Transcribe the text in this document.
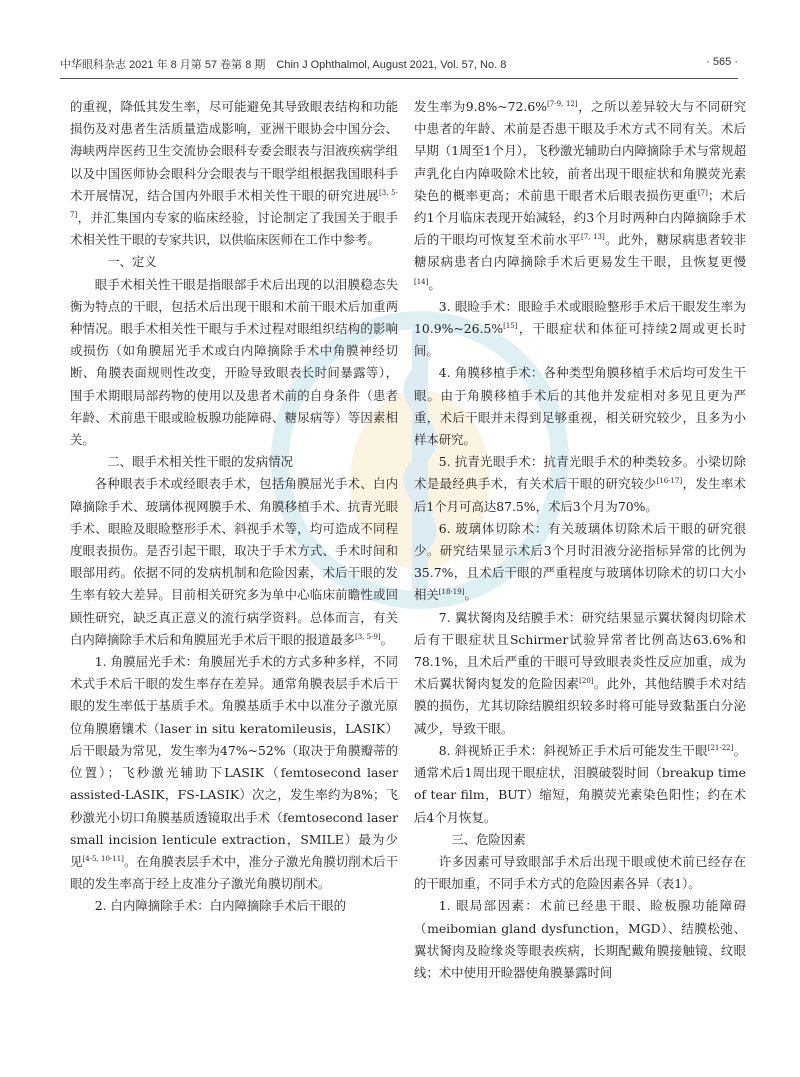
中华眼科杂志 2021 年 8 月第 57 卷第 8 期　Chin J Ophthalmol, August 2021, Vol. 57, No. 8	· 565 ·

的重视，降低其发生率，尽可能避免其导致眼表结构和功能损伤及对患者生活质量造成影响，亚洲干眼协会中国分会、海峡两岸医药卫生交流协会眼科专委会眼表与泪液疾病学组以及中国医师协会眼科分会眼表与干眼学组根据我国眼科手术开展情况，结合国内外眼手术相关性干眼的研究进展[3, 5-7]，并汇集国内专家的临床经验，讨论制定了我国关于眼手术相关性干眼的专家共识，以供临床医师在工作中参考。

一、定义

眼手术相关性干眼是指眼部手术后出现的以泪膜稳态失衡为特点的干眼，包括术后出现干眼和术前干眼术后加重两种情况。眼手术相关性干眼与手术过程对眼组织结构的影响或损伤（如角膜屈光手术或白内障摘除手术中角膜神经切断、角膜表面规则性改变，开睑导致眼表长时间暴露等），围手术期眼局部药物的使用以及患者术前的自身条件（患者年龄、术前患干眼或睑板腺功能障碍、糖尿病等）等因素相关。

二、眼手术相关性干眼的发病情况

各种眼表手术或经眼表手术，包括角膜屈光手术、白内障摘除手术、玻璃体视网膜手术、角膜移植手术、抗青光眼手术、眼睑及眼睑整形手术、斜视手术等，均可造成不同程度眼表损伤。是否引起干眼，取决于手术方式、手术时间和眼部用药。依据不同的发病机制和危险因素，术后干眼的发生率有较大差异。目前相关研究多为单中心临床前瞻性或回顾性研究，缺乏真正意义的流行病学资料。总体而言，有关白内障摘除手术后和角膜屈光手术后干眼的报道最多[3, 5-9]。

1. 角膜屈光手术：角膜屈光手术的方式多种多样，不同术式手术后干眼的发生率存在差异。通常角膜表层手术后干眼的发生率低于基质手术。角膜基质手术中以准分子激光原位角膜磨镶术（laser in situ keratomileusis，LASIK）后干眼最为常见，发生率为47%~52%（取决于角膜瓣蒂的位置）；飞秒激光辅助下LASIK（femtosecond laser assisted-LASIK，FS-LASIK）次之，发生率约为8%；飞秒激光小切口角膜基质透镜取出手术（femtosecond laser small incision lenticule extraction，SMILE）最为少见[4-5, 10-11]。在角膜表层手术中，准分子激光角膜切削术后干眼的发生率高于经上皮准分子激光角膜切削术。

2. 白内障摘除手术：白内障摘除手术后干眼的

发生率为9.8%~72.6%[7-9, 12]，之所以差异较大与不同研究中患者的年龄、术前是否患干眼及手术方式不同有关。术后早期（1周至1个月），飞秒激光辅助白内障摘除手术与常规超声乳化白内障吸除术比较，前者出现干眼症状和角膜荧光素染色的概率更高；术前患干眼者术后眼表损伤更重[7]；术后约1个月临床表现开始减轻，约3个月时两种白内障摘除手术后的干眼均可恢复至术前水平[7, 13]。此外，糖尿病患者较非糖尿病患者白内障摘除手术后更易发生干眼，且恢复更慢[14]。

3. 眼睑手术：眼睑手术或眼睑整形手术后干眼发生率为10.9%~26.5%[15]，干眼症状和体征可持续2周或更长时间。

4. 角膜移植手术：各种类型角膜移植手术后均可发生干眼。由于角膜移植手术后的其他并发症相对多见且更为严重，术后干眼并未得到足够重视，相关研究较少，且多为小样本研究。

5. 抗青光眼手术：抗青光眼手术的种类较多。小梁切除术是最经典手术，有关术后干眼的研究较少[16-17]，发生率术后1个月可高达87.5%，术后3个月为70%。

6. 玻璃体切除术：有关玻璃体切除术后干眼的研究很少。研究结果显示术后3个月时泪液分泌指标异常的比例为35.7%，且术后干眼的严重程度与玻璃体切除术的切口大小相关[18-19]。

7. 翼状胬肉及结膜手术：研究结果显示翼状胬肉切除术后有干眼症状且Schirmer试验异常者比例高达63.6%和78.1%，且术后严重的干眼可导致眼表炎性反应加重，成为术后翼状胬肉复发的危险因素[20]。此外，其他结膜手术对结膜的损伤，尤其切除结膜组织较多时将可能导致黏蛋白分泌减少，导致干眼。

8. 斜视矫正手术：斜视矫正手术后可能发生干眼[21-22]。通常术后1周出现干眼症状，泪膜破裂时间（breakup time of tear film，BUT）缩短，角膜荧光素染色阳性；约在术后4个月恢复。

三、危险因素

许多因素可导致眼部手术后出现干眼或使术前已经存在的干眼加重，不同手术方式的危险因素各异（表1）。

1. 眼局部因素：术前已经患干眼、睑板腺功能障碍（meibomian gland dysfunction，MGD）、结膜松弛、翼状胬肉及睑缘炎等眼表疾病，长期配戴角膜接触镜、纹眼线；术中使用开睑器使角膜暴露时间
